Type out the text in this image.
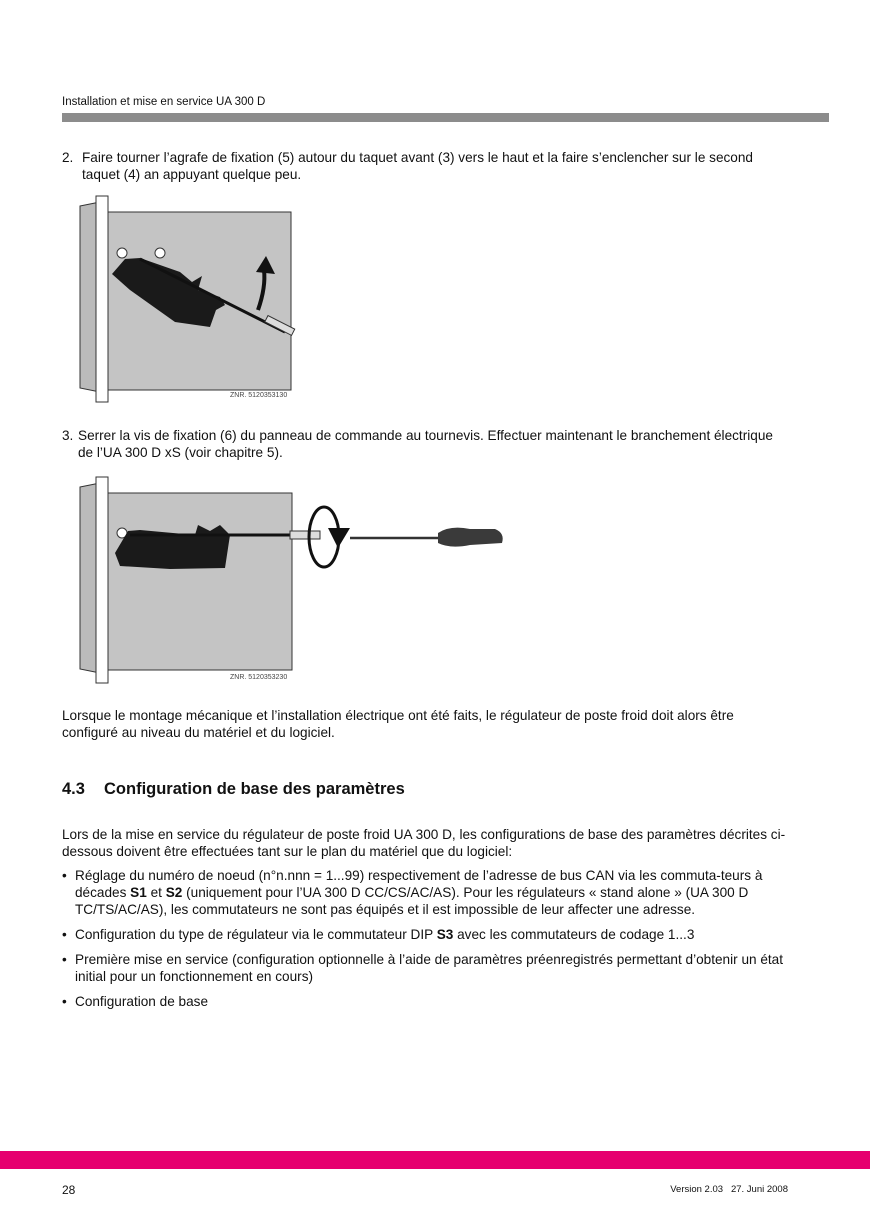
Installation et mise en service UA 300 D
2. Faire tourner l’agrafe de fixation (5) autour du taquet avant (3) vers le haut et la faire s’enclencher sur le second taquet (4) an appuyant quelque peu.
ZNR. 5120353130
3. Serrer la vis de fixation (6) du panneau de commande au tournevis. Effectuer maintenant le branchement électrique de l’UA 300 D xS (voir chapitre 5).
ZNR. 5120353230
Lorsque le montage mécanique et l’installation électrique ont été faits, le régulateur de poste froid doit alors être configuré au niveau du matériel et du logiciel.
4.3 Configuration de base des paramètres
Lors de la mise en service du régulateur de poste froid UA 300 D, les configurations de base des paramètres décrites ci-dessous doivent être effectuées tant sur le plan du matériel que du logiciel:
• Réglage du numéro de noeud (n°n.nnn = 1...99) respectivement de l’adresse de bus CAN via les commuta-teurs à décades S1 et S2 (uniquement pour l’UA 300 D CC/CS/AC/AS). Pour les régulateurs « stand alone » (UA 300 D TC/TS/AC/AS), les commutateurs ne sont pas équipés et il est impossible de leur affecter une adresse.
• Configuration du type de régulateur via le commutateur DIP S3 avec les commutateurs de codage 1...3
• Première mise en service (configuration optionnelle à l’aide de paramètres préenregistrés permettant d’obtenir un état initial pour un fonctionnement en cours)
• Configuration de base
28	Version 2.03   27. Juni 2008
